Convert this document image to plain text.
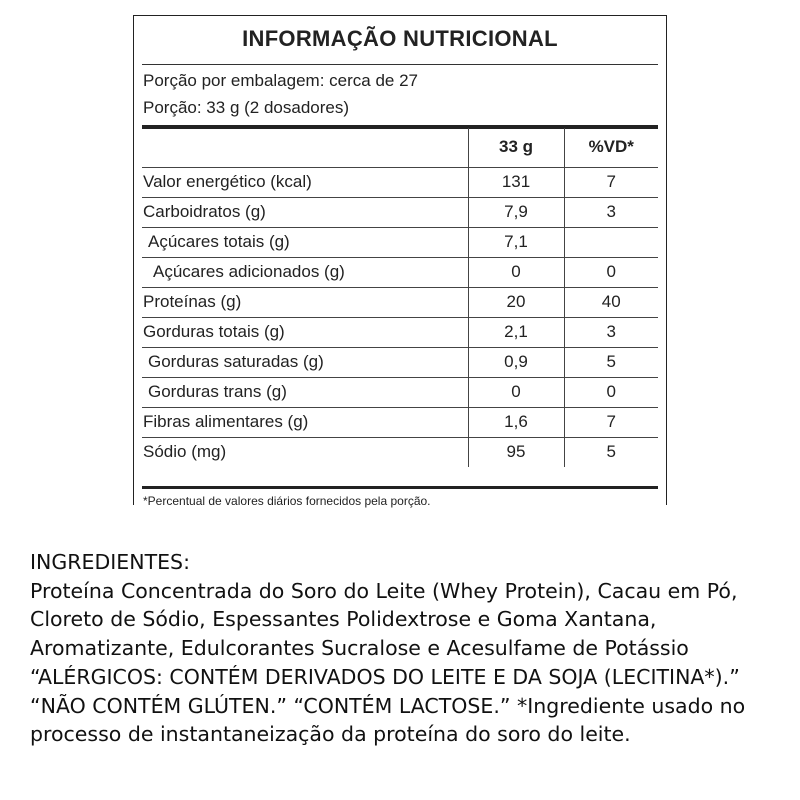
INFORMAÇÃO NUTRICIONAL
Porção por embalagem: cerca de 27
Porção: 33 g (2 dosadores)
	33 g	%VD*
Valor energético (kcal)	131	7
Carboidratos (g)	7,9	3
Açúcares totais (g)	7,1	
Açúcares adicionados (g)	0	0
Proteínas (g)	20	40
Gorduras totais (g)	2,1	3
Gorduras saturadas (g)	0,9	5
Gorduras trans (g)	0	0
Fibras alimentares (g)	1,6	7
Sódio (mg)	95	5
*Percentual de valores diários fornecidos pela porção.
INGREDIENTES:
Proteína Concentrada do Soro do Leite (Whey Protein), Cacau em Pó, Cloreto de Sódio, Espessantes Polidextrose e Goma Xantana, Aromatizante, Edulcorantes Sucralose e Acesulfame de Potássio “ALÉRGICOS: CONTÉM DERIVADOS DO LEITE E DA SOJA (LECITINA*).” “NÃO CONTÉM GLÚTEN.” “CONTÉM LACTOSE.” *Ingrediente usado no processo de instantaneização da proteína do soro do leite.
